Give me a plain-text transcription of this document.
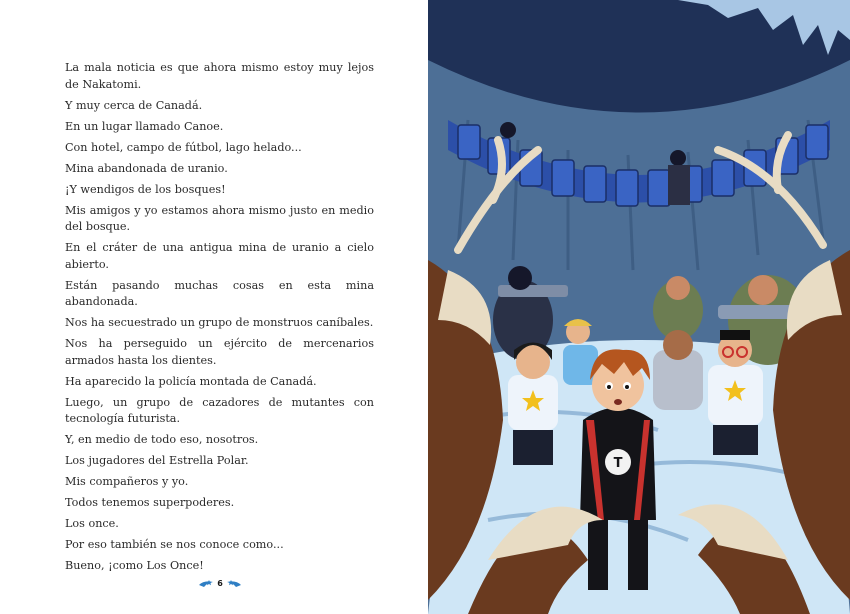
La mala noticia es que ahora mismo estoy muy lejos de Nakatomi.

Y muy cerca de Canadá.

En un lugar llamado Canoe.

Con hotel, campo de fútbol, lago helado...

Mina abandonada de uranio.

¡Y wendigos de los bosques!

Mis amigos y yo estamos ahora mismo justo en medio del bosque.

En el cráter de una antigua mina de uranio a cielo abierto.

Están pasando muchas cosas en esta mina abandonada.

Nos ha secuestrado un grupo de monstruos caníbales.

Nos ha perseguido un ejército de mercenarios armados hasta los dientes.

Ha aparecido la policía montada de Canadá.

Luego, un grupo de cazadores de mutantes con tecnología futurista.

Y, en medio de todo eso, nosotros.

Los jugadores del Estrella Polar.

Mis compañeros y yo.

Todos tenemos superpoderes.

Los once.

Por eso también se nos conoce como...

Bueno, ¡como Los Once!

6
T
